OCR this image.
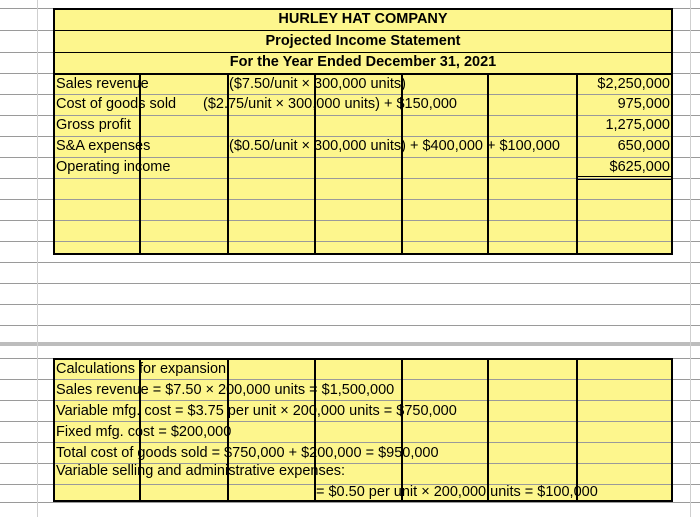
HURLEY HAT COMPANY
Projected Income Statement
For the Year Ended December 31, 2021
Sales revenue	($7.50/unit × 300,000 units)	$2,250,000
Cost of goods sold ($2.75/unit × 300,000 units) + $150,000	975,000
Gross profit	1,275,000
S&A expenses	($0.50/unit × 300,000 units) + $400,000 + $100,000	650,000
Operating income	$625,000
Calculations for expansion:
Sales revenue = $7.50 × 200,000 units = $1,500,000
Variable mfg. cost = $3.75 per unit × 200,000 units = $750,000
Fixed mfg. cost = $200,000
Total cost of goods sold = $750,000 + $200,000 = $950,000
Variable selling and administrative expenses:
= $0.50 per unit × 200,000 units = $100,000
